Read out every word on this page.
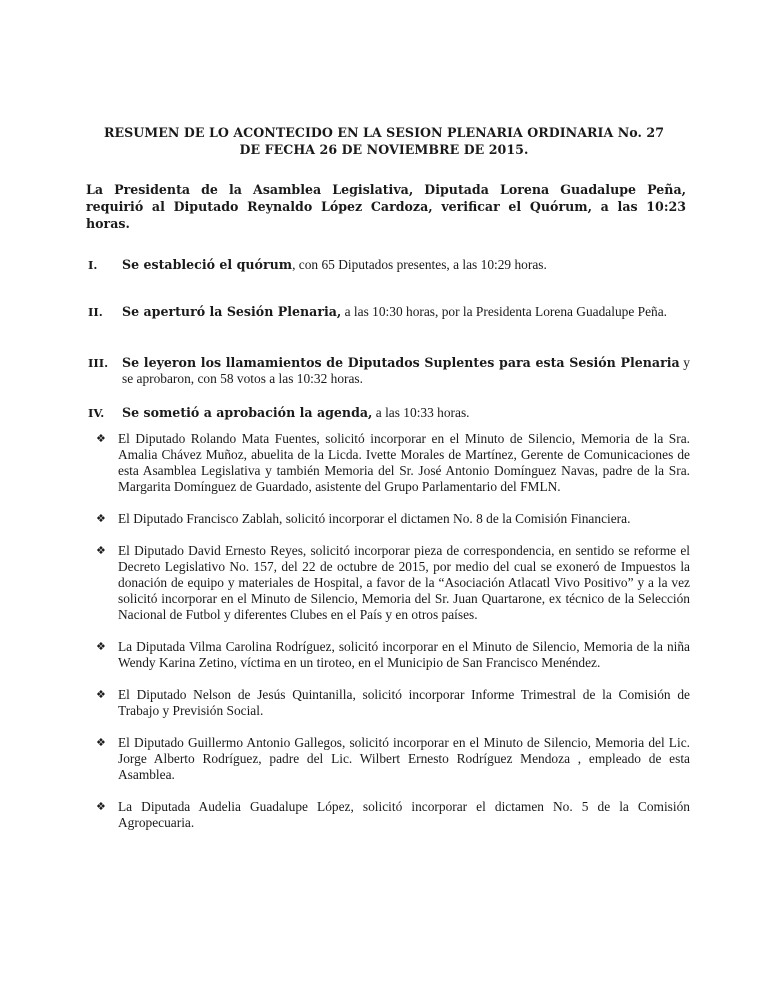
RESUMEN DE LO ACONTECIDO EN LA SESION PLENARIA ORDINARIA No. 27
DE FECHA 26 DE NOVIEMBRE DE 2015.
La Presidenta de la Asamblea Legislativa, Diputada Lorena Guadalupe Peña, requirió al Diputado Reynaldo López Cardoza, verificar el Quórum, a las 10:23 horas.
I.	Se estableció el quórum, con 65 Diputados presentes, a las 10:29 horas.
II.	Se aperturó la Sesión Plenaria, a las 10:30 horas, por la Presidenta Lorena Guadalupe Peña.
III.	Se leyeron los llamamientos de Diputados Suplentes para esta Sesión Plenaria y se aprobaron, con 58 votos a las 10:32 horas.
IV.	Se sometió a aprobación la agenda, a las 10:33 horas.
❖ El Diputado Rolando Mata Fuentes, solicitó incorporar en el Minuto de Silencio, Memoria de la Sra. Amalia Chávez Muñoz, abuelita de la Licda. Ivette Morales de Martínez, Gerente de Comunicaciones de esta Asamblea Legislativa y también Memoria del Sr. José Antonio Domínguez Navas, padre de la Sra. Margarita Domínguez de Guardado, asistente del Grupo Parlamentario del FMLN.
❖ El Diputado Francisco Zablah, solicitó incorporar el dictamen No. 8 de la Comisión Financiera.
❖ El Diputado David Ernesto Reyes, solicitó incorporar pieza de correspondencia, en sentido se reforme el Decreto Legislativo No. 157, del 22 de octubre de 2015, por medio del cual se exoneró de Impuestos la donación de equipo y materiales de Hospital, a favor de la “Asociación Atlacatl Vivo Positivo” y a la vez solicitó incorporar en el Minuto de Silencio, Memoria del Sr. Juan Quartarone, ex técnico de la Selección Nacional de Futbol y diferentes Clubes en el País y en otros países.
❖ La Diputada Vilma Carolina Rodríguez, solicitó incorporar en el Minuto de Silencio, Memoria de la niña Wendy Karina Zetino, víctima en un tiroteo, en el Municipio de San Francisco Menéndez.
❖ El Diputado Nelson de Jesús Quintanilla, solicitó incorporar Informe Trimestral de la Comisión de Trabajo y Previsión Social.
❖ El Diputado Guillermo Antonio Gallegos, solicitó incorporar en el Minuto de Silencio, Memoria del Lic. Jorge Alberto Rodríguez, padre del Lic. Wilbert Ernesto Rodríguez Mendoza , empleado de esta Asamblea.
❖ La Diputada Audelia Guadalupe López, solicitó incorporar el dictamen No. 5 de la Comisión Agropecuaria.
